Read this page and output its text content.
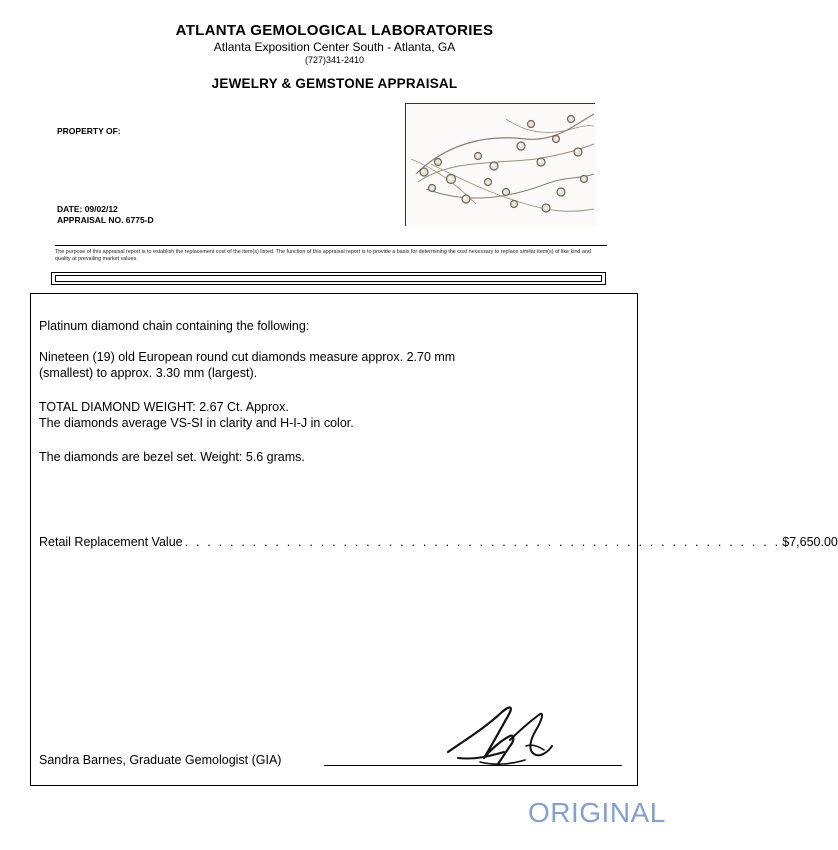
ATLANTA GEMOLOGICAL LABORATORIES
Atlanta Exposition Center South - Atlanta, GA
(727)341-2410
JEWELRY & GEMSTONE APPRAISAL
PROPERTY OF:
DATE: 09/02/12
APPRAISAL NO. 6775-D
The purpose of this appraisal report is to establish the replacement cost of the item(s) listed. The function of this appraisal report is to provide a basis for determining the cost necessary to replace similar item(s) of like kind and quality at prevailing market values.
Platinum diamond chain containing the following:
Nineteen (19) old European round cut diamonds measure approx. 2.70 mm
(smallest) to approx. 3.30 mm (largest).
TOTAL DIAMOND WEIGHT: 2.67 Ct. Approx.
The diamonds average VS-SI in clarity and H-I-J in color.
The diamonds are bezel set. Weight: 5.6 grams.
Retail Replacement Value . . . . . . . . . . . . . . . . . . . . . . . . . . . . . . . . . . . . . . . . . . . . . . . . . . . . . $7,650.00
Sandra Barnes, Graduate Gemologist (GIA)
ORIGINAL
